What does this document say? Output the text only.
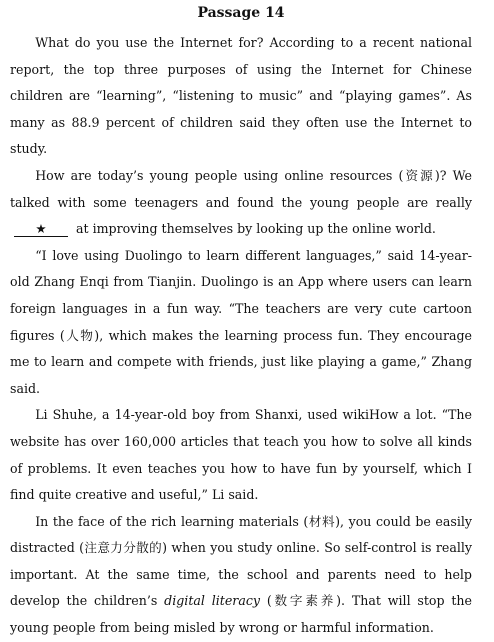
Passage 14

What do you use the Internet for? According to a recent national report, the top three purposes of using the Internet for Chinese children are “learning”, “listening to music” and “playing games”. As many as 88.9 percent of children said they often use the Internet to study.

How are today’s young people using online resources (资源)? We talked with some teenagers and found the young people are really ★ at improving themselves by looking up the online world.

“I love using Duolingo to learn different languages,” said 14-year-old Zhang Enqi from Tianjin. Duolingo is an App where users can learn foreign languages in a fun way. “The teachers are very cute cartoon figures (人物), which makes the learning process fun. They encourage me to learn and compete with friends, just like playing a game,” Zhang said.

Li Shuhe, a 14-year-old boy from Shanxi, used wikiHow a lot. “The website has over 160,000 articles that teach you how to solve all kinds of problems. It even teaches you how to have fun by yourself, which I find quite creative and useful,” Li said.

In the face of the rich learning materials (材料), you could be easily distracted (注意力分散的) when you study online. So self-control is really important. At the same time, the school and parents need to help develop the children’s digital literacy (数字素养). That will stop the young people from being misled by wrong or harmful information.
